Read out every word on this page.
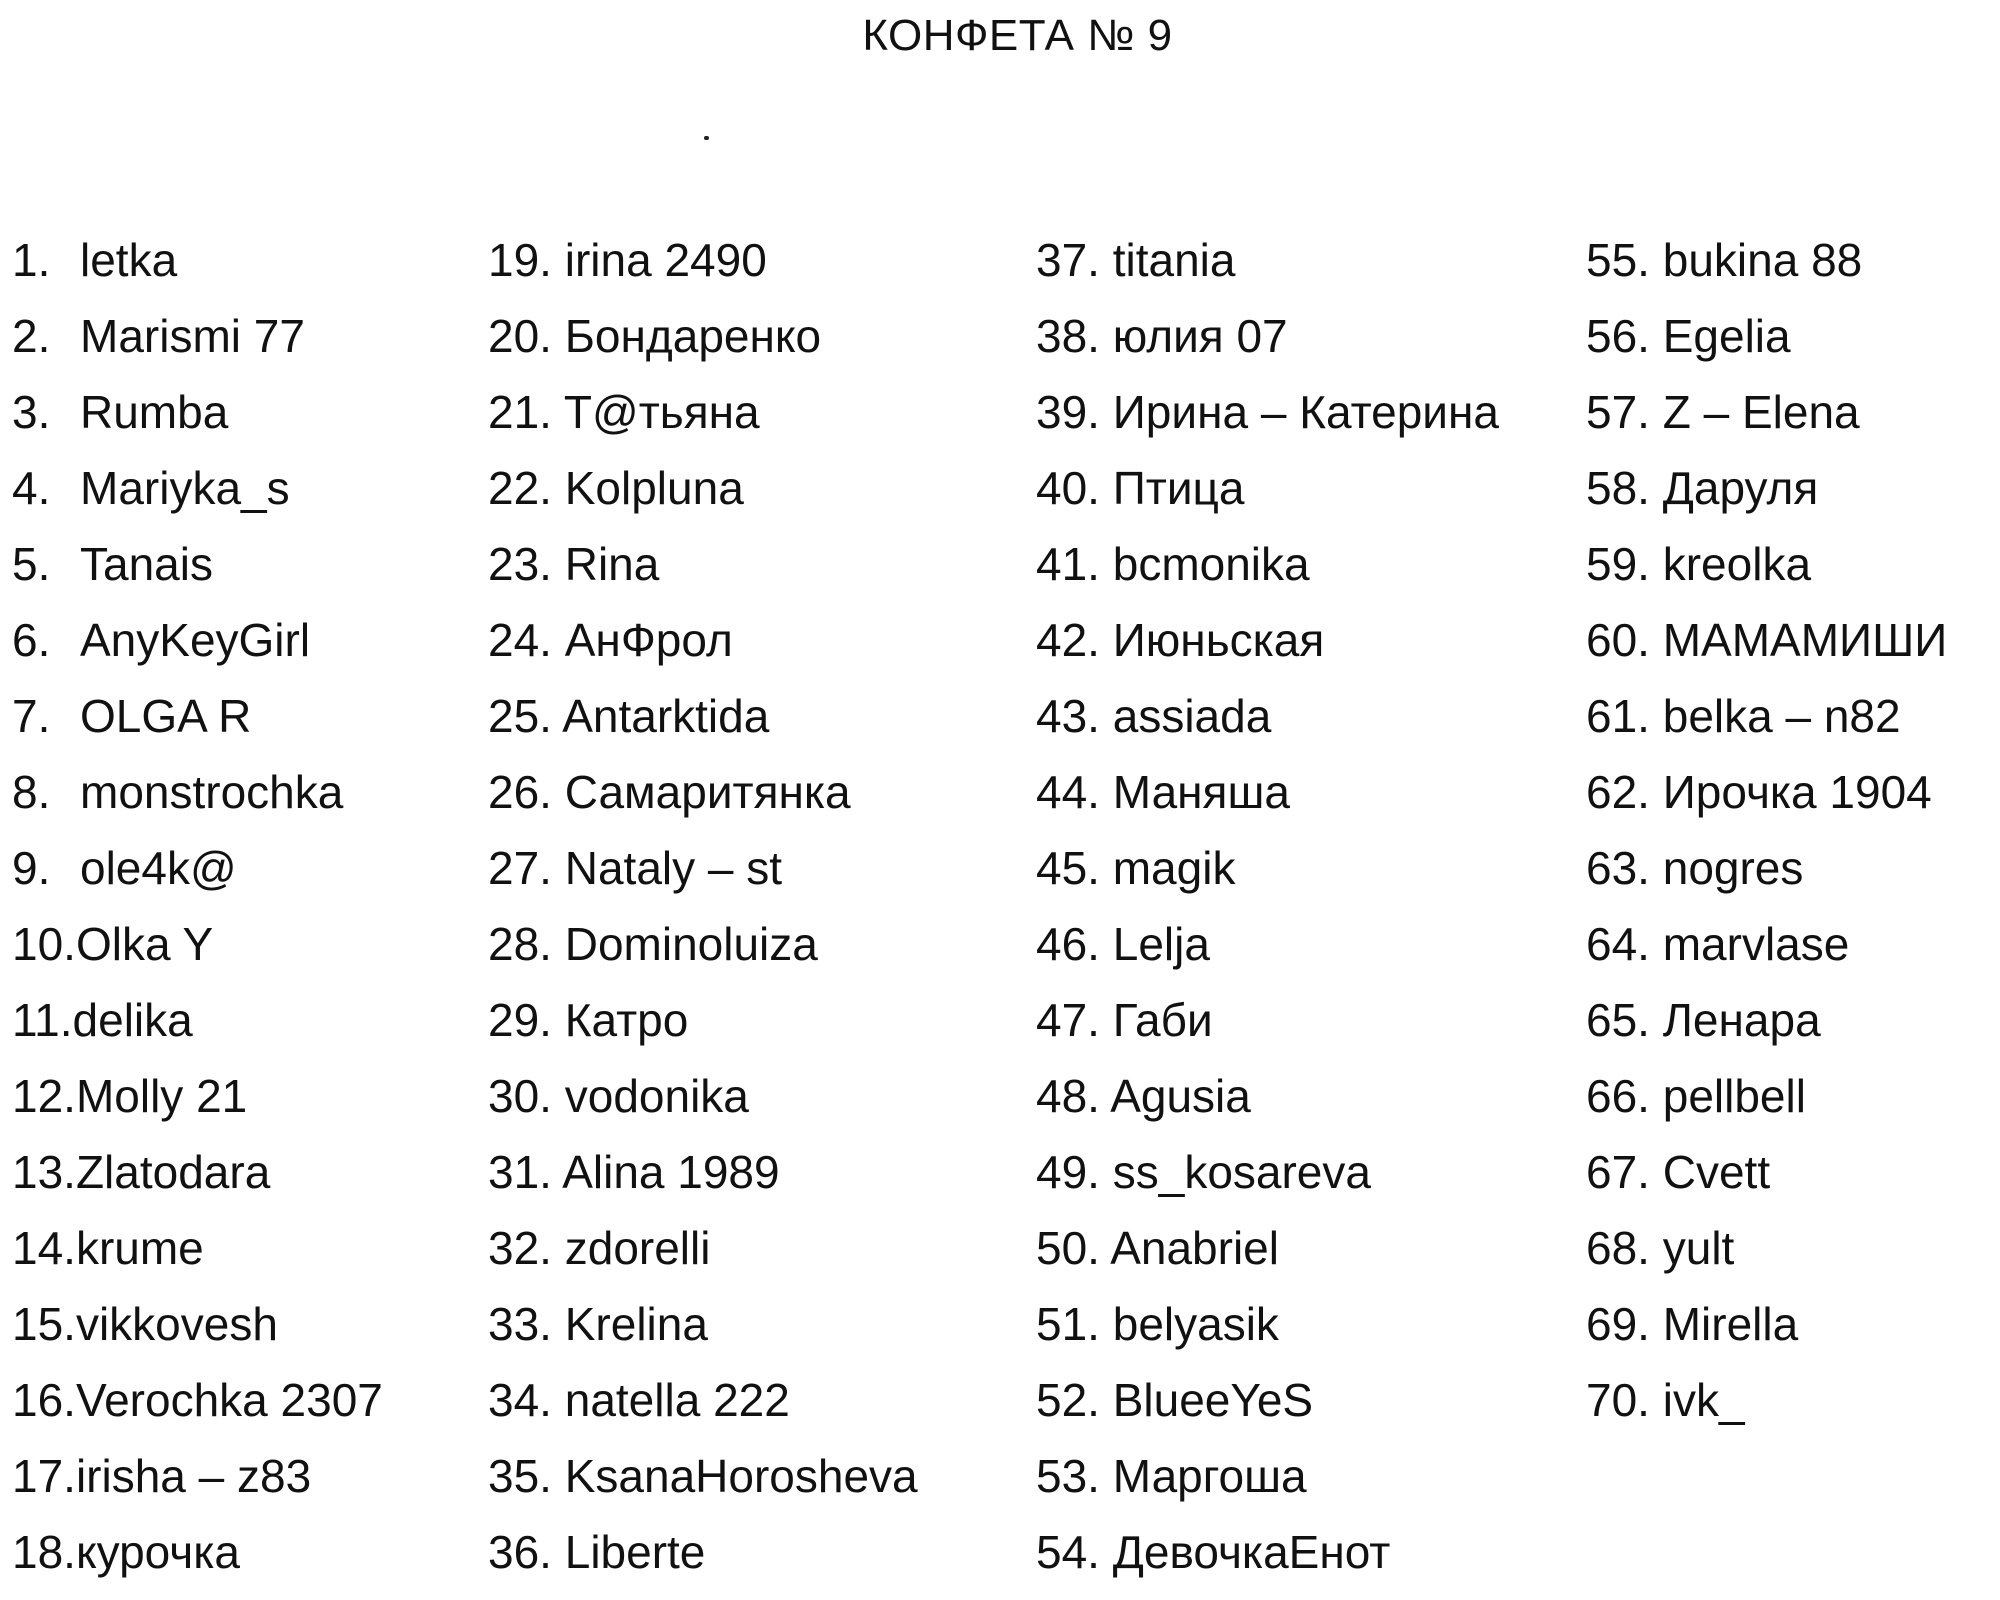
КОНФЕТА № 9
1. letka
2. Marismi 77
3. Rumba
4. Mariyka_s
5. Tanais
6. AnyKeyGirl
7. OLGA R
8. monstrochka
9. ole4k@
10.Olka Y
11.delika
12.Molly 21
13.Zlatodara
14.krume
15.vikkovesh
16.Verochka 2307
17.irisha – z83
18.курочка
19. irina 2490
20. Бондаренко
21. T@тьяна
22. Kolpluna
23. Rina
24. АнФрол
25. Antarktida
26. Самаритянка
27. Nataly – st
28. Dominoluiza
29. Катро
30. vodonika
31. Alina 1989
32. zdorelli
33. Krelina
34. natella 222
35. KsanaHorosheva
36. Liberte
37. titania
38. юлия 07
39. Ирина – Катерина
40. Птица
41. bcmonika
42. Июньская
43. assiada
44. Маняша
45. magik
46. Lelja
47. Габи
48. Agusia
49. ss_kosareva
50. Anabriel
51. belyasik
52. BlueeYeS
53. Маргоша
54. ДевочкаЕнот
55. bukina 88
56. Egelia
57. Z – Elena
58. Даруля
59. kreolka
60. МАМАМИШИ
61. belka – n82
62. Ирочка 1904
63. nogres
64. marvlase
65. Ленара
66. pellbell
67. Cvett
68. yult
69. Mirella
70. ivk_
